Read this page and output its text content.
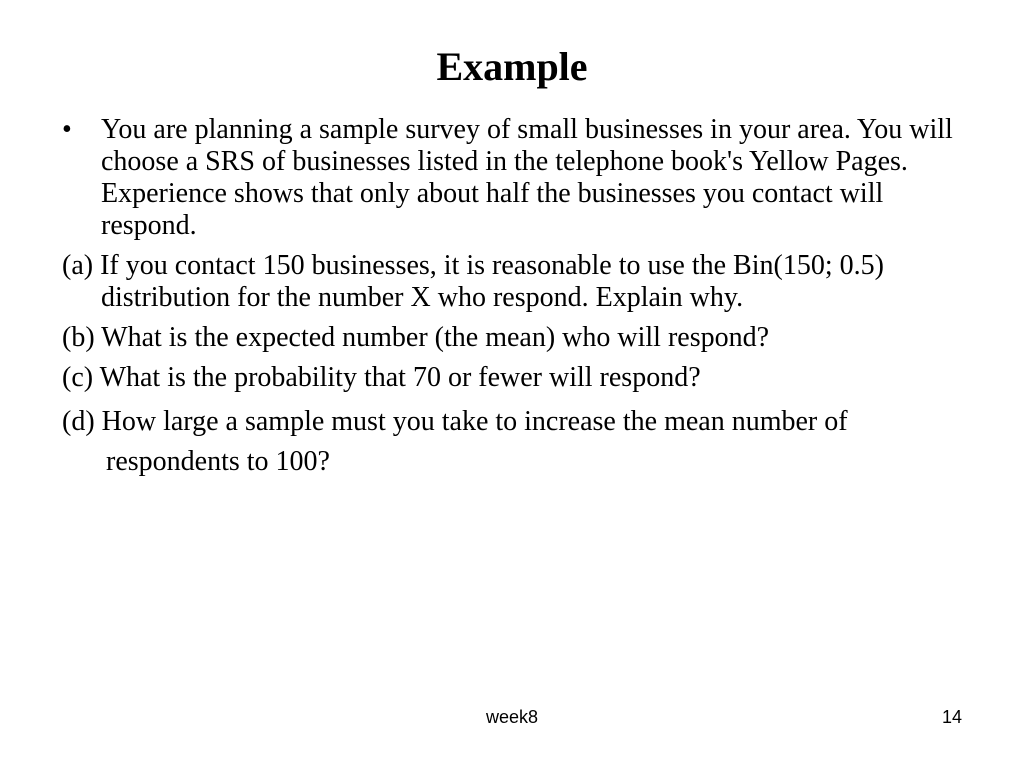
Example
•	You are planning a sample survey of small businesses in your area. You will choose a SRS of businesses listed in the telephone book's Yellow Pages. Experience shows that only about half the businesses you contact will respond.
(a) If you contact 150 businesses, it is reasonable to use the Bin(150; 0.5) distribution for the number X who respond. Explain why.
(b) What is the expected number (the mean) who will respond?
(c) What is the probability that 70 or fewer will respond?
(d) How large a sample must you take to increase the mean number of respondents to 100?
week8	14
